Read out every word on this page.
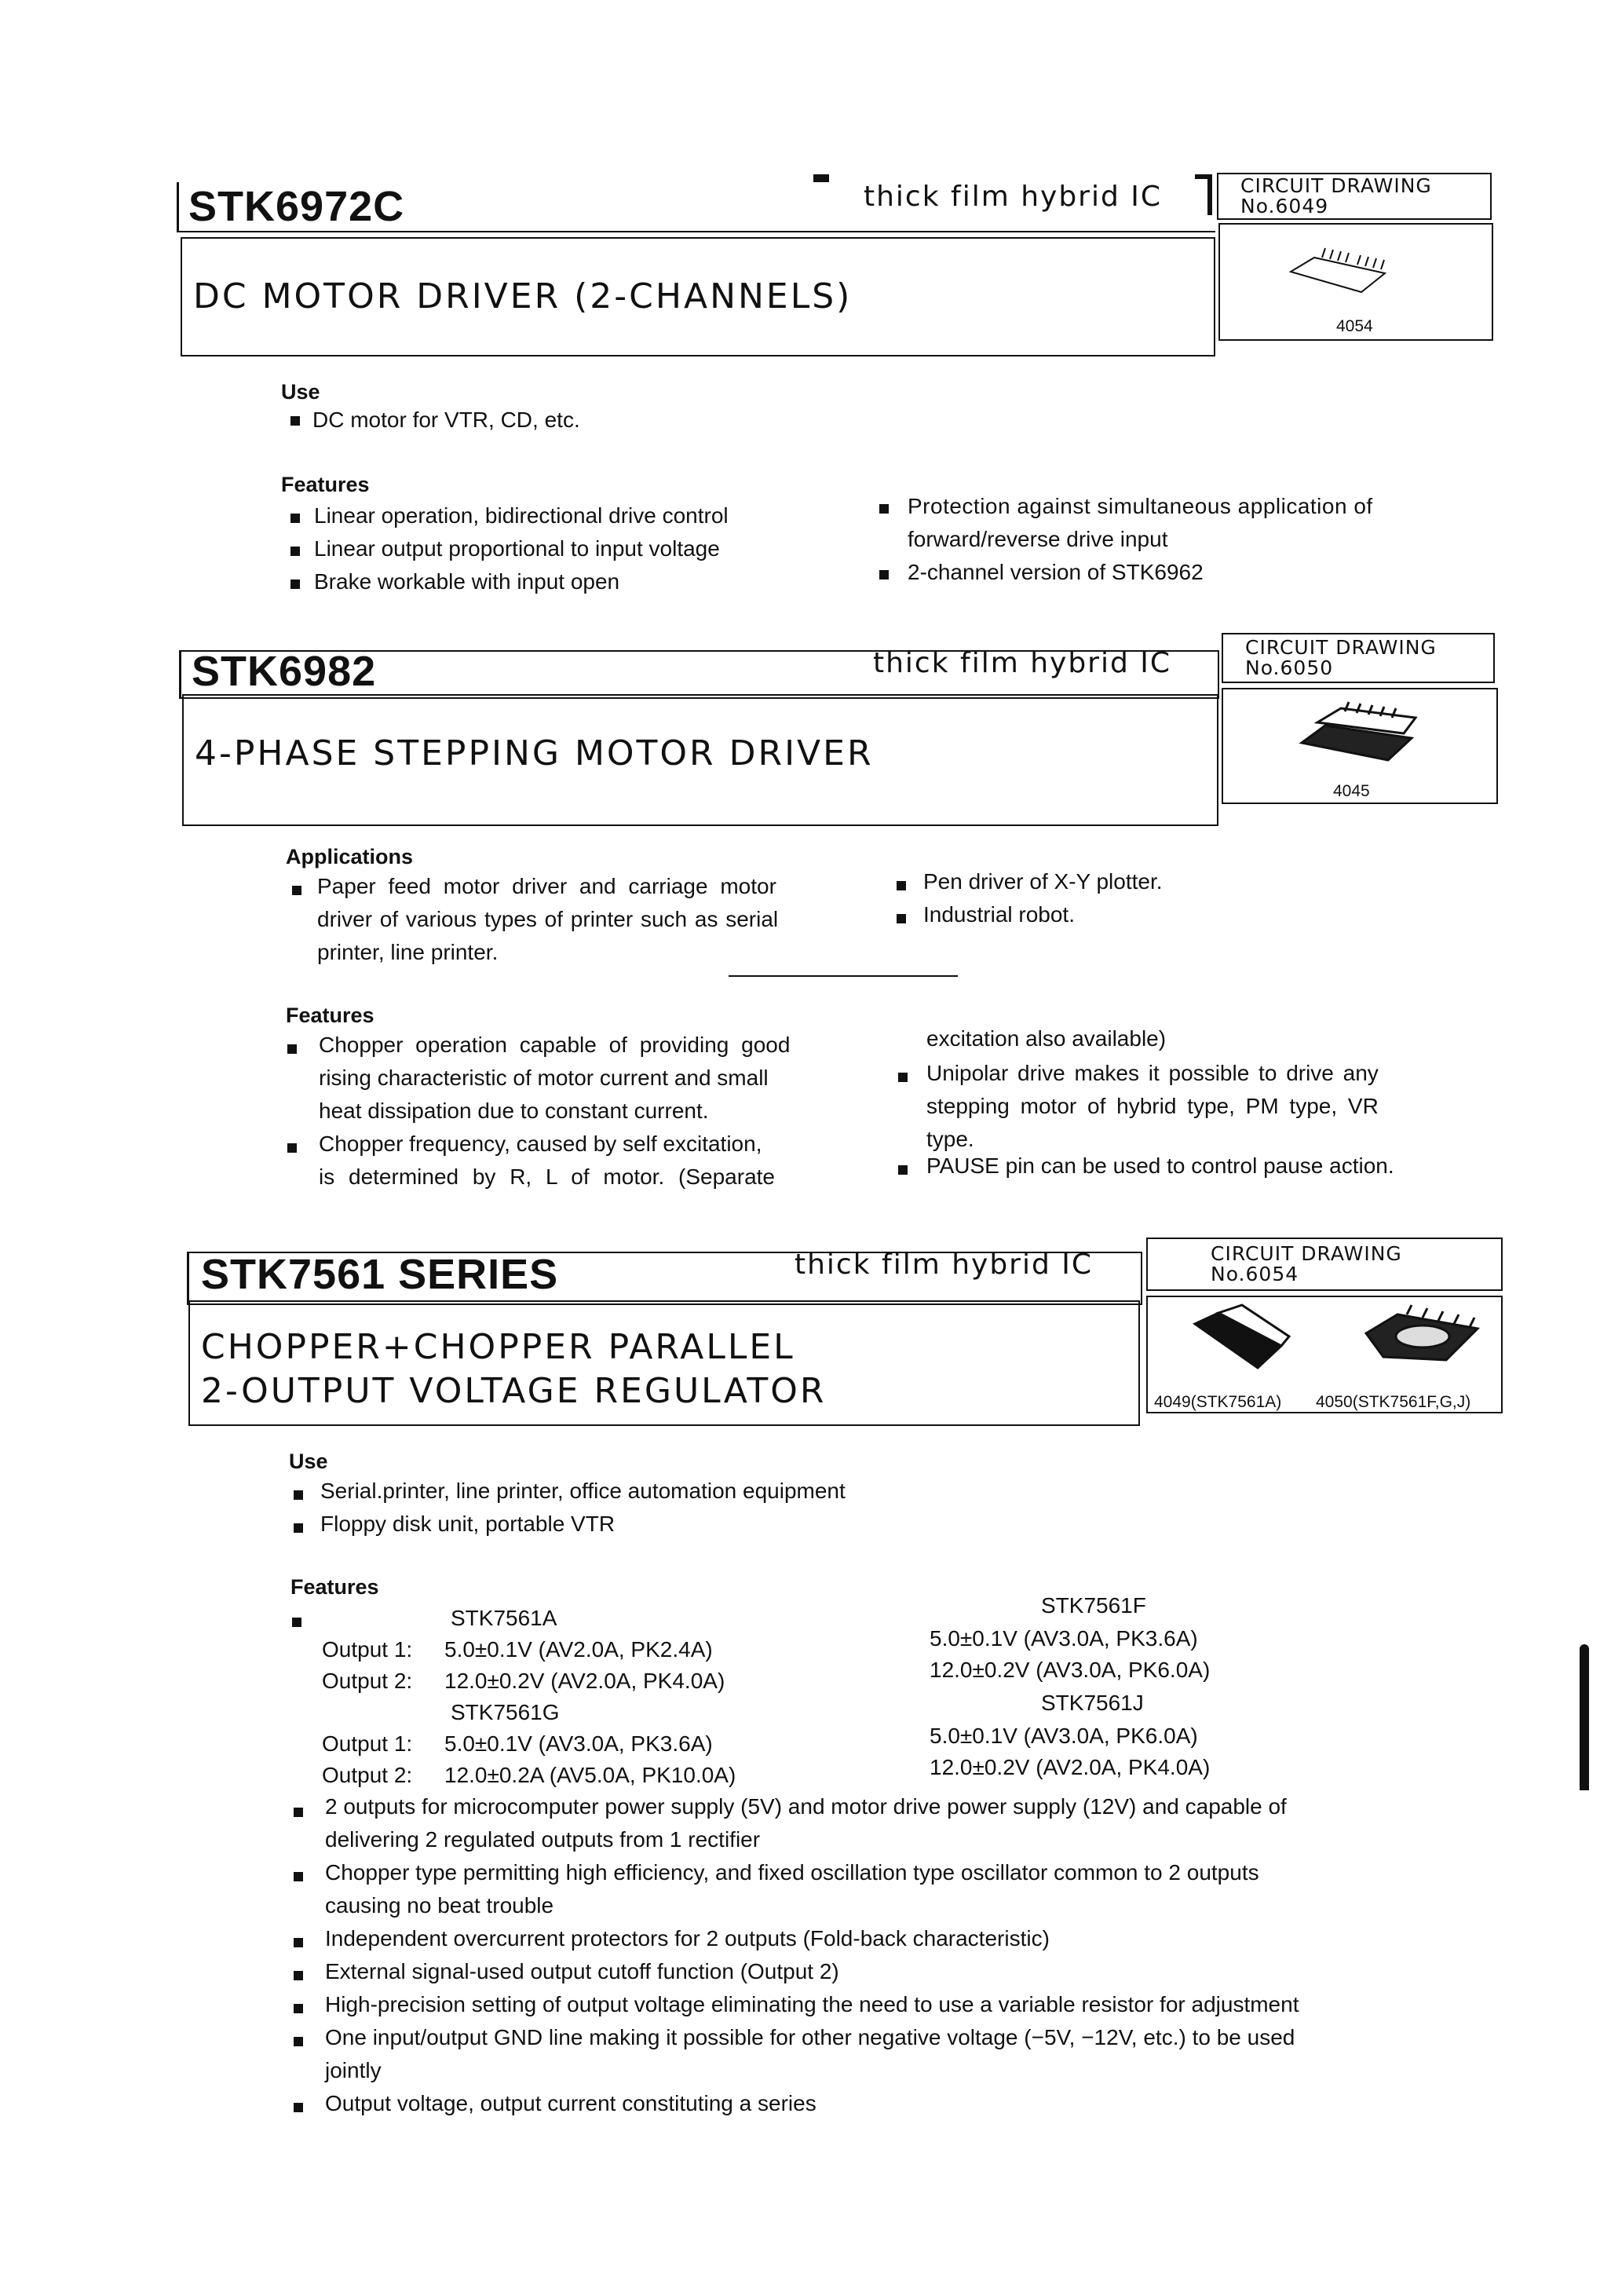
STK6972C	thick film hybrid IC	CIRCUIT DRAWING
No.6049
DC MOTOR DRIVER (2-CHANNELS)
4054
Use
DC motor for VTR, CD, etc.
Features
Linear operation, bidirectional drive control
Linear output proportional to input voltage
Brake workable with input open
Protection against simultaneous application of
forward/reverse drive input
2-channel version of STK6962
STK6982	thick film hybrid IC	CIRCUIT DRAWING
No.6050
4-PHASE STEPPING MOTOR DRIVER
4045
Applications
Paper feed motor driver and carriage motor
driver of various types of printer such as serial
printer, line printer.
Pen driver of X-Y plotter.
Industrial robot.
Features
Chopper operation capable of providing good
rising characteristic of motor current and small
heat dissipation due to constant current.
Chopper frequency, caused by self excitation,
is determined by R, L of motor. (Separate
excitation also available)
Unipolar drive makes it possible to drive any
stepping motor of hybrid type, PM type, VR
type.
PAUSE pin can be used to control pause action.
STK7561 SERIES	thick film hybrid IC	CIRCUIT DRAWING
No.6054
CHOPPER+CHOPPER PARALLEL
2-OUTPUT VOLTAGE REGULATOR	4049(STK7561A) 4050(STK7561F,G,J)
Use
Serial.printer, line printer, office automation equipment
Floppy disk unit, portable VTR
Features
STK7561A
Output 1: 5.0±0.1V (AV2.0A, PK2.4A)
Output 2: 12.0±0.2V (AV2.0A, PK4.0A)
STK7561G
Output 1: 5.0±0.1V (AV3.0A, PK3.6A)
Output 2: 12.0±0.2A (AV5.0A, PK10.0A)
STK7561F
5.0±0.1V (AV3.0A, PK3.6A)
12.0±0.2V (AV3.0A, PK6.0A)
STK7561J
5.0±0.1V (AV3.0A, PK6.0A)
12.0±0.2V (AV2.0A, PK4.0A)
2 outputs for microcomputer power supply (5V) and motor drive power supply (12V) and capable of
delivering 2 regulated outputs from 1 rectifier
Chopper type permitting high efficiency, and fixed oscillation type oscillator common to 2 outputs
causing no beat trouble
Independent overcurrent protectors for 2 outputs (Fold-back characteristic)
External signal-used output cutoff function (Output 2)
High-precision setting of output voltage eliminating the need to use a variable resistor for adjustment
One input/output GND line making it possible for other negative voltage (−5V, −12V, etc.) to be used
jointly
Output voltage, output current constituting a series
